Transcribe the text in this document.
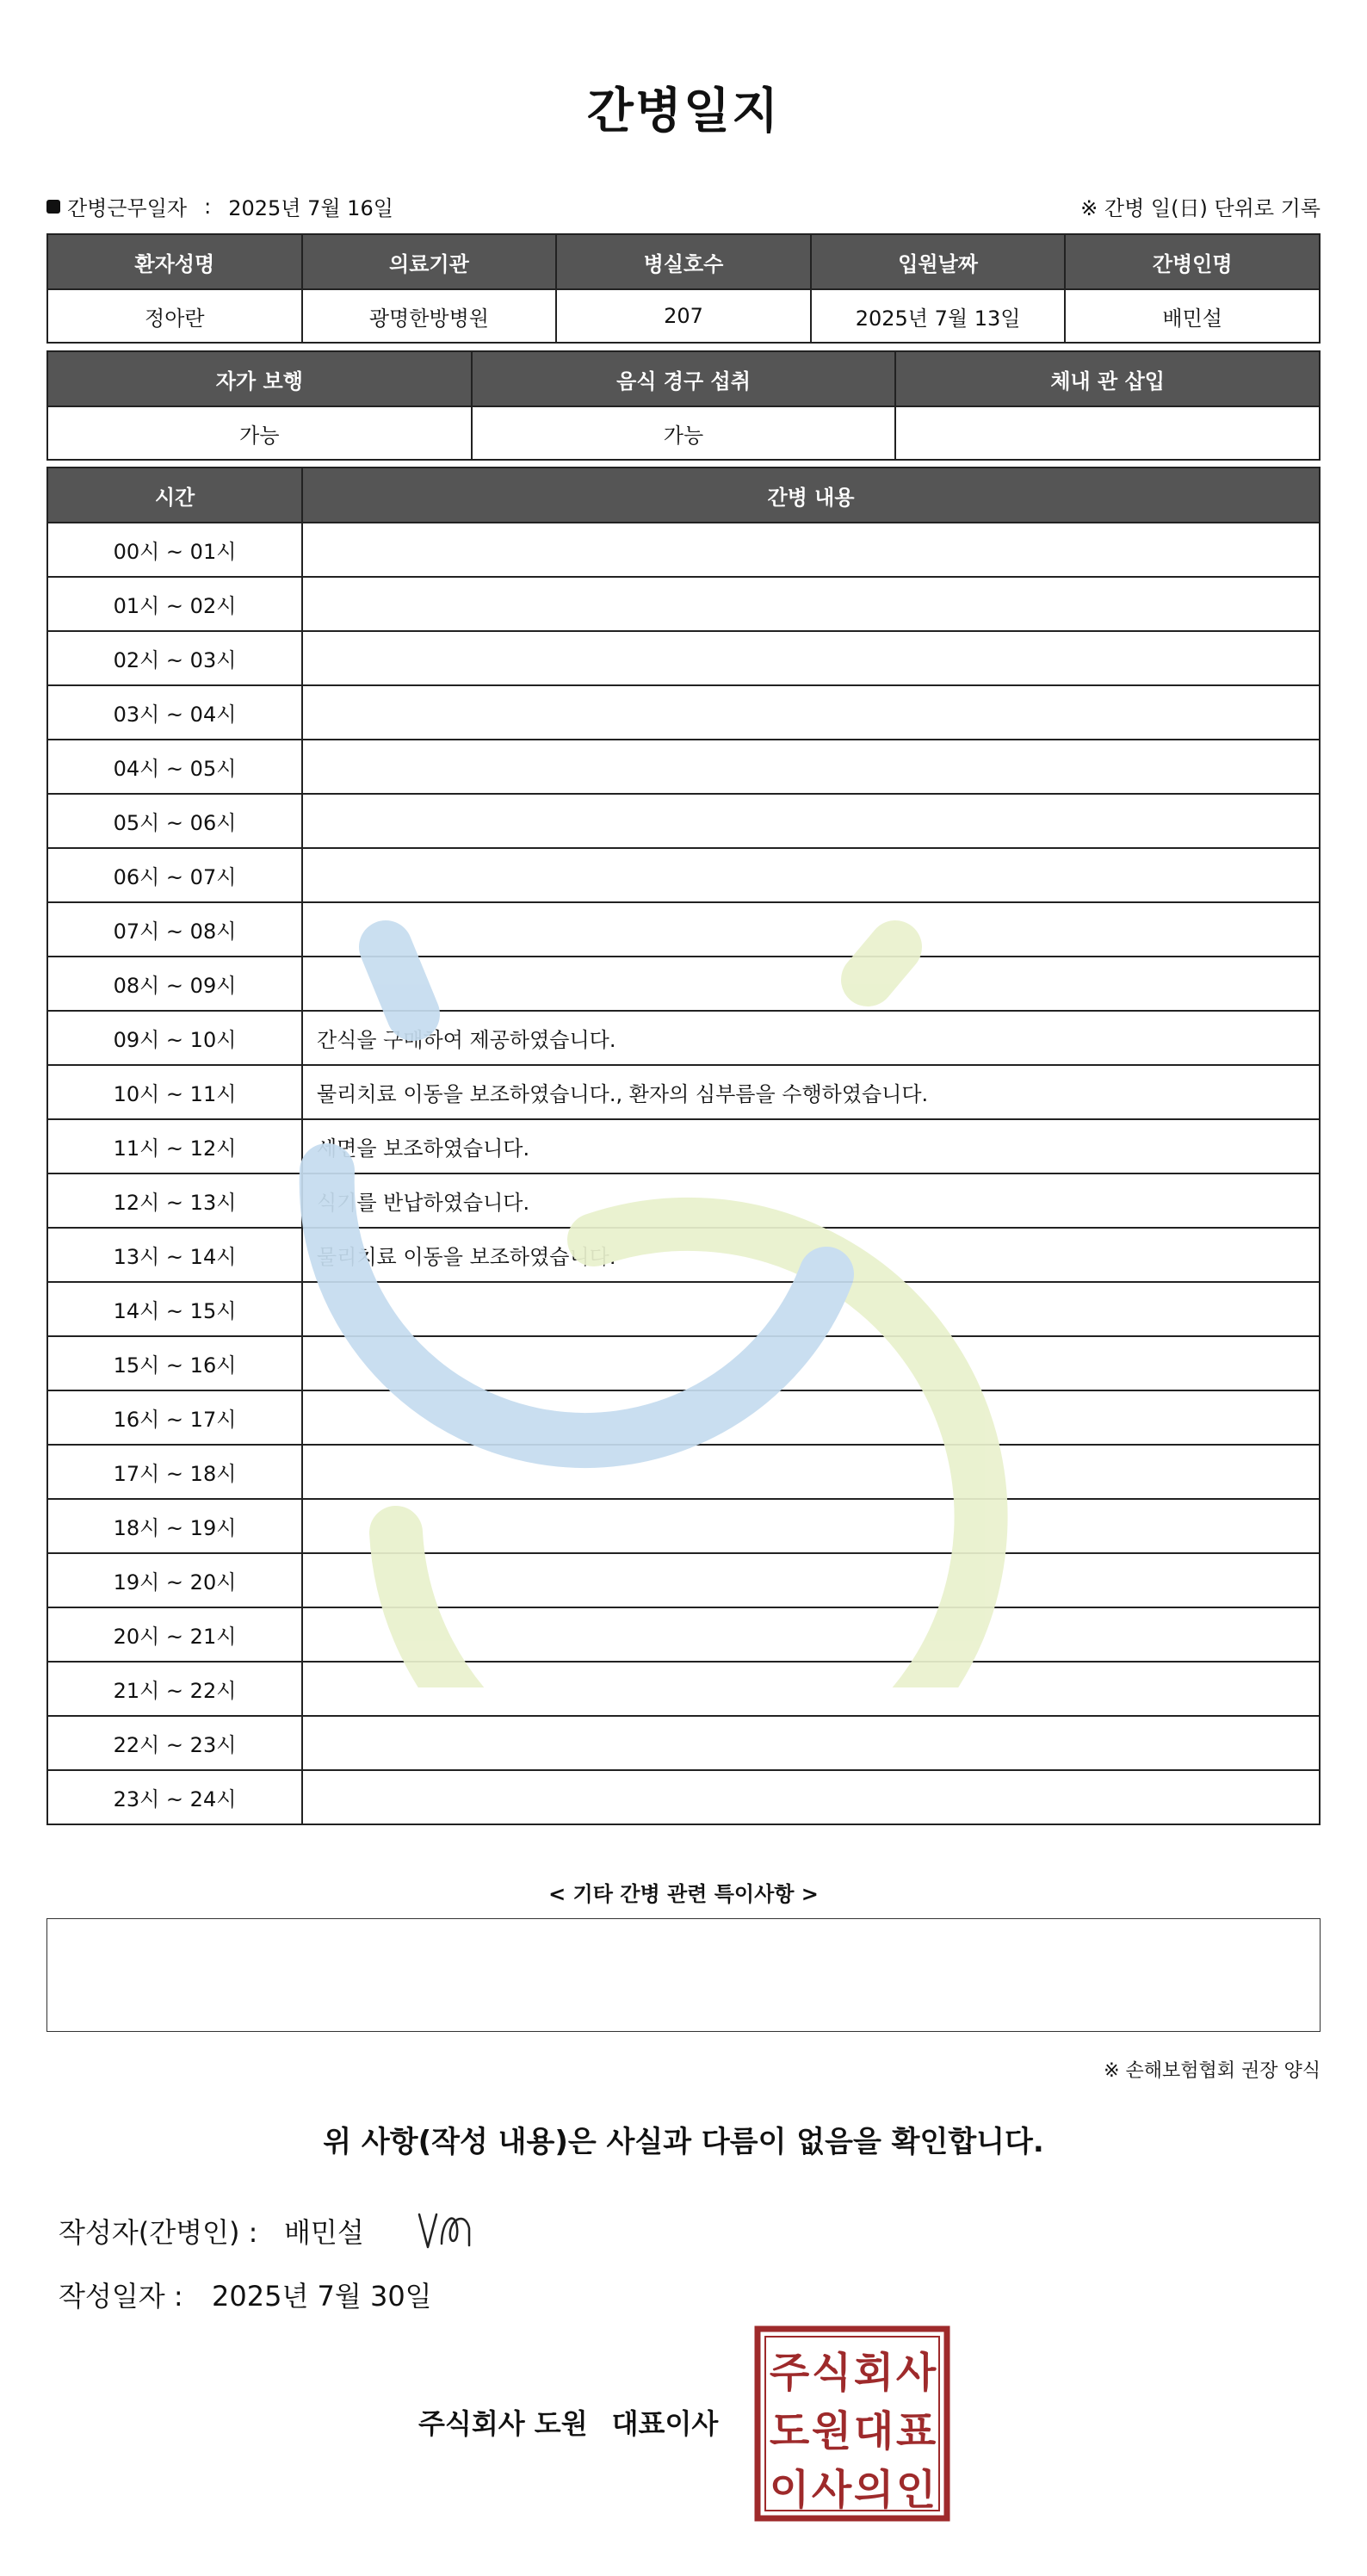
간병일지
간병근무일자 : 2025년 7월 16일	※ 간병 일(日) 단위로 기록
환자성명	의료기관	병실호수	입원날짜	간병인명
정아란	광명한방병원	207	2025년 7월 13일	배민설
자가 보행	음식 경구 섭취	체내 관 삽입
가능	가능	
시간	간병 내용
00시 ~ 01시	
01시 ~ 02시	
02시 ~ 03시	
03시 ~ 04시	
04시 ~ 05시	
05시 ~ 06시	
06시 ~ 07시	
07시 ~ 08시	
08시 ~ 09시	
09시 ~ 10시	간식을 구매하여 제공하였습니다.
10시 ~ 11시	물리치료 이동을 보조하였습니다., 환자의 심부름을 수행하였습니다.
11시 ~ 12시	세면을 보조하였습니다.
12시 ~ 13시	식기를 반납하였습니다.
13시 ~ 14시	물리치료 이동을 보조하였습니다.
14시 ~ 15시	
15시 ~ 16시	
16시 ~ 17시	
17시 ~ 18시	
18시 ~ 19시	
19시 ~ 20시	
20시 ~ 21시	
21시 ~ 22시	
22시 ~ 23시	
23시 ~ 24시	
< 기타 간병 관련 특이사항 >
※ 손해보험협회 권장 양식
위 사항(작성 내용)은 사실과 다름이 없음을 확인합니다.
작성자(간병인) : 배민설
작성일자 :	2025년 7월 30일
주식회사 도원 대표이사
주 식 회 사
도 원 대 표
이 사 의 인
